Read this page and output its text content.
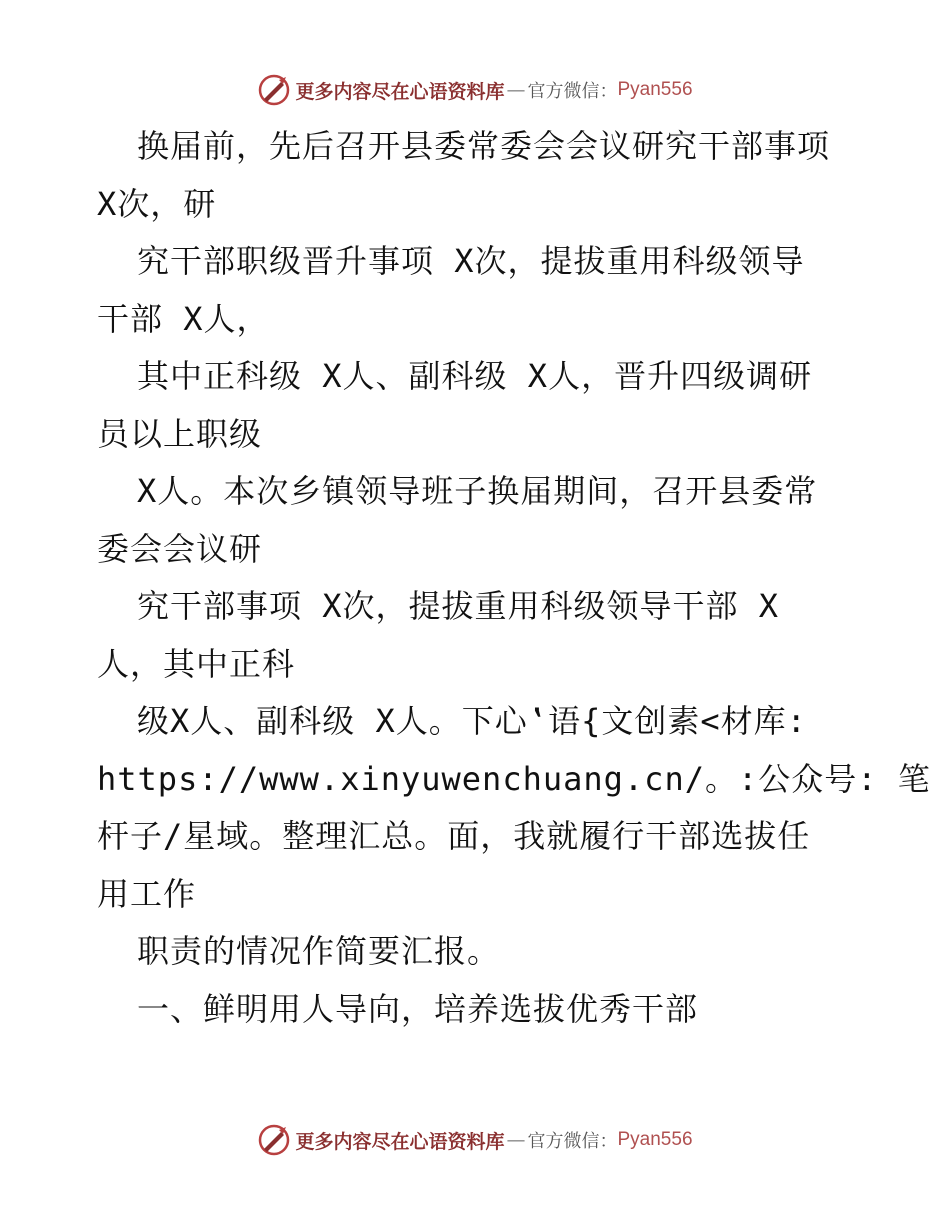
更多内容尽在心语资料库 — 官方微信： Pyan556
换届前，先后召开县委常委会会议研究干部事项
X次，研
究干部职级晋升事项 X次，提拔重用科级领导
干部 X人，
其中正科级 X人、副科级 X人，晋升四级调研
员以上职级
X人。本次乡镇领导班子换届期间，召开县委常
委会会议研
究干部事项 X次，提拔重用科级领导干部 X
人，其中正科
级X人、副科级 X人。下心‛语{文创素<材库:
https://www.xinyuwenchuang.cn/。:公众号: 笔
杆子/星域。整理汇总。面，我就履行干部选拔任
用工作
职责的情况作简要汇报。
一、鲜明用人导向，培养选拔优秀干部
更多内容尽在心语资料库 — 官方微信： Pyan556
